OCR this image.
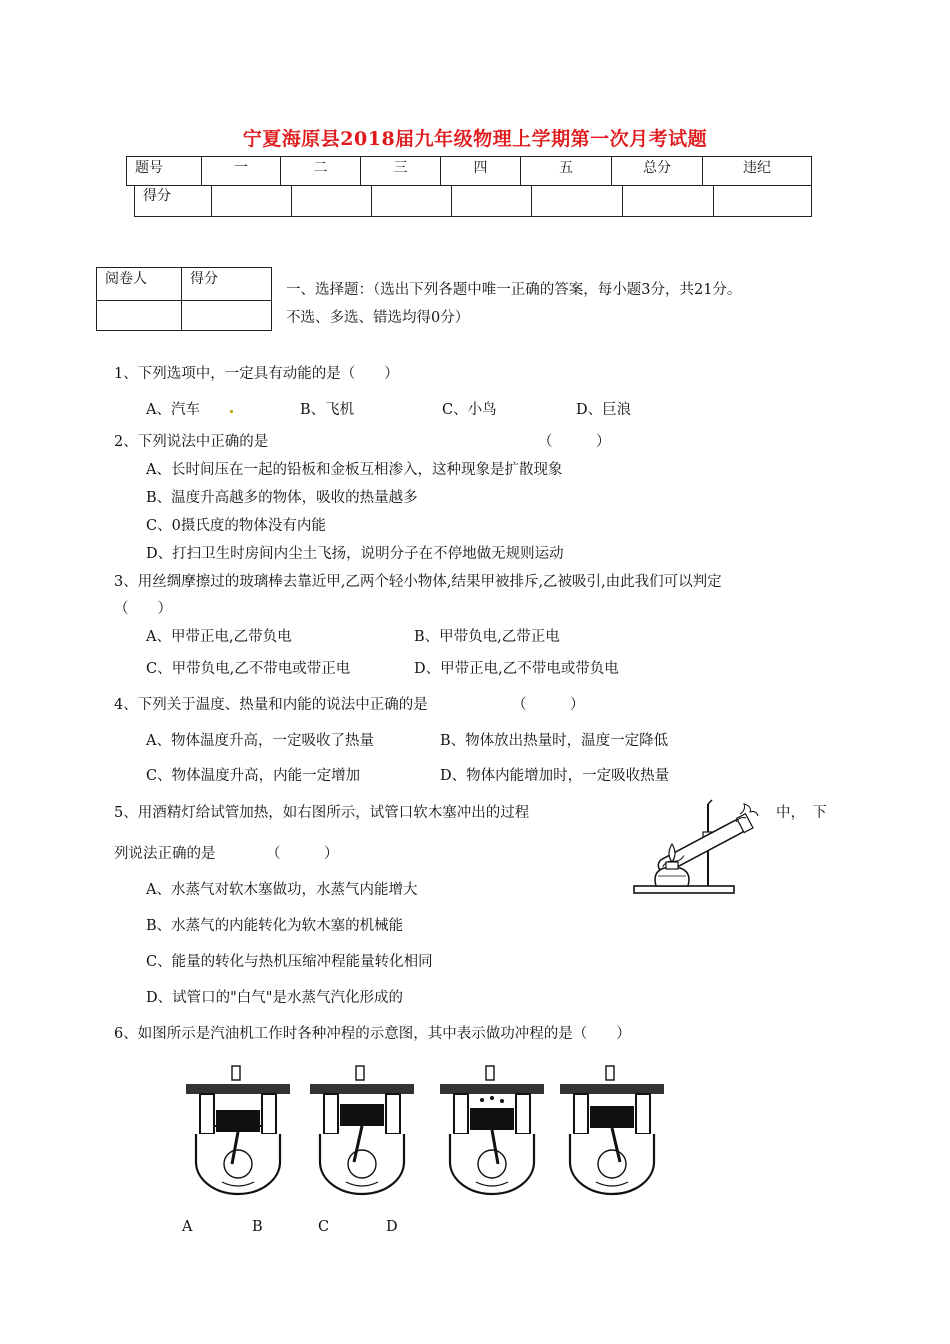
宁夏海原县2018届九年级物理上学期第一次月考试题
题号	一	二	三	四	五	总分	违纪
得分							
阅卷人	得分

一、选择题：（选出下列各题中唯一正确的答案，每小题3分，共21分。
不选、多选、错选均得0分）
1、下列选项中，一定具有动能的是（　　）
A、汽车	B、飞机	C、小鸟	D、巨浪
2、下列说法中正确的是	（　　　）
A、长时间压在一起的铅板和金板互相渗入，这种现象是扩散现象
B、温度升高越多的物体，吸收的热量越多
C、0摄氏度的物体没有内能
D、打扫卫生时房间内尘土飞扬，说明分子在不停地做无规则运动
3、用丝绸摩擦过的玻璃棒去靠近甲,乙两个轻小物体,结果甲被排斥,乙被吸引,由此我们可以判定
（　　）
A、甲带正电,乙带负电	B、甲带负电,乙带正电
C、甲带负电,乙不带电或带正电	D、甲带正电,乙不带电或带负电
4、下列关于温度、热量和内能的说法中正确的是	（　　　）
A、物体温度升高，一定吸收了热量	B、物体放出热量时，温度一定降低
C、物体温度升高，内能一定增加	D、物体内能增加时，一定吸收热量
5、用酒精灯给试管加热，如右图所示，试管口软木塞冲出的过程	中，　下
列说法正确的是	（　　　）
A、水蒸气对软木塞做功，水蒸气内能增大
B、水蒸气的内能转化为软木塞的机械能
C、能量的转化与热机压缩冲程能量转化相同
D、试管口的"白气"是水蒸气汽化形成的
6、如图所示是汽油机工作时各种冲程的示意图，其中表示做功冲程的是（　　）
A	B	C	D
